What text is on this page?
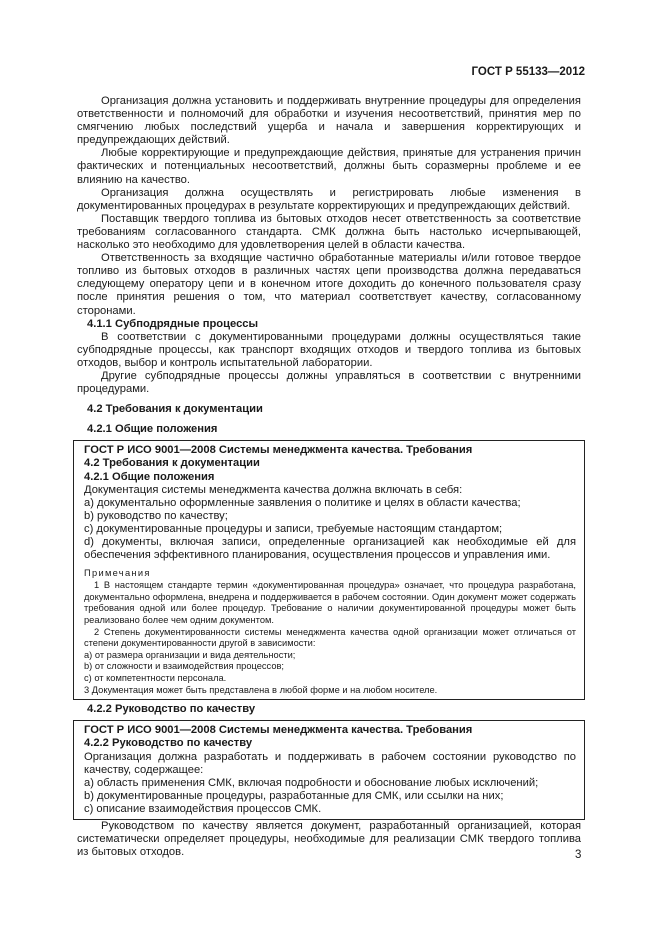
ГОСТ Р 55133—2012

Организация должна установить и поддерживать внутренние процедуры для определения ответственности и полномочий для обработки и изучения несоответствий, принятия мер по смягчению любых последствий ущерба и начала и завершения корректирующих и предупреждающих действий.

Любые корректирующие и предупреждающие действия, принятые для устранения причин фактических и потенциальных несоответствий, должны быть соразмерны проблеме и ее влиянию на качество.

Организация должна осуществлять и регистрировать любые изменения в документированных процедурах в результате корректирующих и предупреждающих действий.

Поставщик твердого топлива из бытовых отходов несет ответственность за соответствие требованиям согласованного стандарта. СМК должна быть настолько исчерпывающей, насколько это необходимо для удовлетворения целей в области качества.

Ответственность за входящие частично обработанные материалы и/или готовое твердое топливо из бытовых отходов в различных частях цепи производства должна передаваться следующему оператору цепи и в конечном итоге доходить до конечного пользователя сразу после принятия решения о том, что материал соответствует качеству, согласованному сторонами.

4.1.1 Субподрядные процессы

В соответствии с документированными процедурами должны осуществляться такие субподрядные процессы, как транспорт входящих отходов и твердого топлива из бытовых отходов, выбор и контроль испытательной лаборатории.

Другие субподрядные процессы должны управляться в соответствии с внутренними процедурами.

4.2 Требования к документации

4.2.1 Общие положения

ГОСТ Р ИСО 9001—2008 Системы менеджмента качества. Требования

4.2 Требования к документации

4.2.1 Общие положения

Документация системы менеджмента качества должна включать в себя:

a) документально оформленные заявления о политике и целях в области качества;

b) руководство по качеству;

c) документированные процедуры и записи, требуемые настоящим стандартом;

d) документы, включая записи, определенные организацией как необходимые ей для обеспечения эффективного планирования, осуществления процессов и управления ими.

Примечания

1 В настоящем стандарте термин «документированная процедура» означает, что процедура разработана, документально оформлена, внедрена и поддерживается в рабочем состоянии. Один документ может содержать требования одной или более процедур. Требование о наличии документированной процедуры может быть реализовано более чем одним документом.

2 Степень документированности системы менеджмента качества одной организации может отличаться от степени документированности другой в зависимости:

a) от размера организации и вида деятельности;

b) от сложности и взаимодействия процессов;

c) от компетентности персонала.

3 Документация может быть представлена в любой форме и на любом носителе.

4.2.2 Руководство по качеству

ГОСТ Р ИСО 9001—2008 Системы менеджмента качества. Требования

4.2.2 Руководство по качеству

Организация должна разработать и поддерживать в рабочем состоянии руководство по качеству, содержащее:

a) область применения СМК, включая подробности и обоснование любых исключений;

b) документированные процедуры, разработанные для СМК, или ссылки на них;

c) описание взаимодействия процессов СМК.

Руководством по качеству является документ, разработанный организацией, которая систематически определяет процедуры, необходимые для реализации СМК твердого топлива из бытовых отходов.	3
